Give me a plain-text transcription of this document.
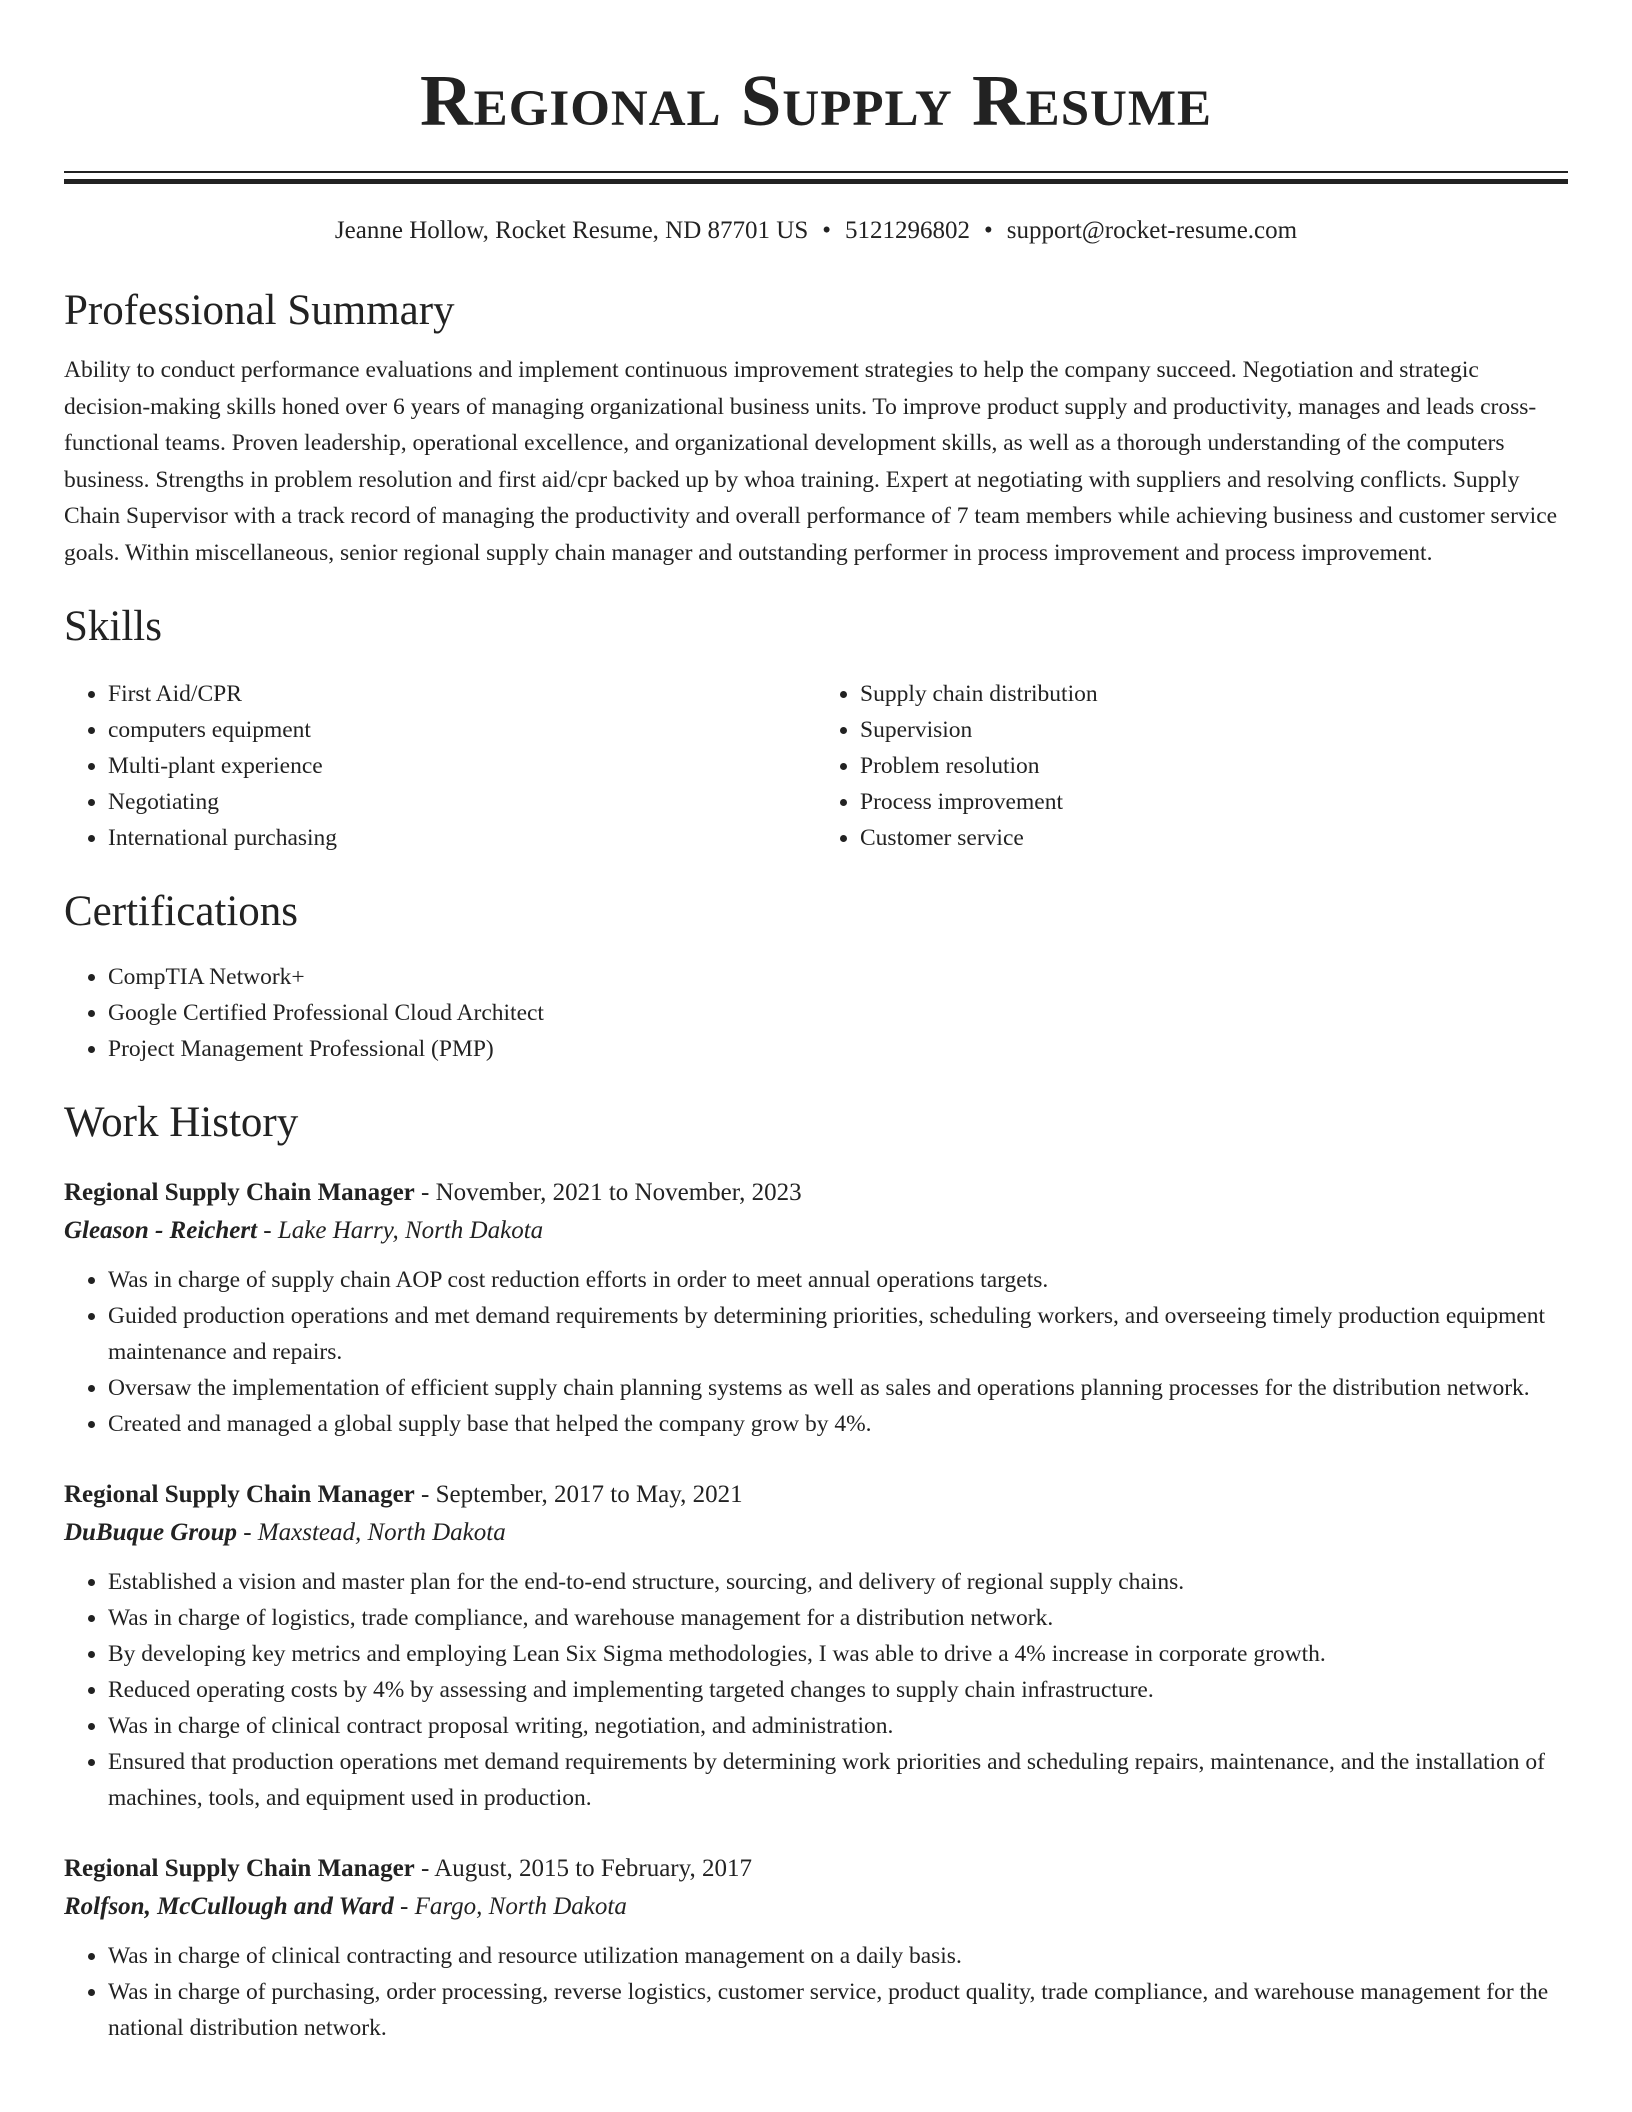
Regional Supply Resume
Jeanne Hollow, Rocket Resume, ND 87701 US • 5121296802 • support@rocket-resume.com
Professional Summary

Ability to conduct performance evaluations and implement continuous improvement strategies to help the company succeed. Negotiation and strategic decision-making skills honed over 6 years of managing organizational business units. To improve product supply and productivity, manages and leads cross-functional teams. Proven leadership, operational excellence, and organizational development skills, as well as a thorough understanding of the computers business. Strengths in problem resolution and first aid/cpr backed up by whoa training. Expert at negotiating with suppliers and resolving conflicts. Supply Chain Supervisor with a track record of managing the productivity and overall performance of 7 team members while achieving business and customer service goals. Within miscellaneous, senior regional supply chain manager and outstanding performer in process improvement and process improvement.

Skills
• First Aid/CPR
• computers equipment
• Multi-plant experience
• Negotiating
• International purchasing
• Supply chain distribution
• Supervision
• Problem resolution
• Process improvement
• Customer service
Certifications
• CompTIA Network+
• Google Certified Professional Cloud Architect
• Project Management Professional (PMP)
Work History
Regional Supply Chain Manager - November, 2021 to November, 2023
Gleason - Reichert - Lake Harry, North Dakota
• Was in charge of supply chain AOP cost reduction efforts in order to meet annual operations targets.
• Guided production operations and met demand requirements by determining priorities, scheduling workers, and overseeing timely production equipment maintenance and repairs.
• Oversaw the implementation of efficient supply chain planning systems as well as sales and operations planning processes for the distribution network.
• Created and managed a global supply base that helped the company grow by 4%.
Regional Supply Chain Manager - September, 2017 to May, 2021
DuBuque Group - Maxstead, North Dakota
• Established a vision and master plan for the end-to-end structure, sourcing, and delivery of regional supply chains.
• Was in charge of logistics, trade compliance, and warehouse management for a distribution network.
• By developing key metrics and employing Lean Six Sigma methodologies, I was able to drive a 4% increase in corporate growth.
• Reduced operating costs by 4% by assessing and implementing targeted changes to supply chain infrastructure.
• Was in charge of clinical contract proposal writing, negotiation, and administration.
• Ensured that production operations met demand requirements by determining work priorities and scheduling repairs, maintenance, and the installation of machines, tools, and equipment used in production.
Regional Supply Chain Manager - August, 2015 to February, 2017
Rolfson, McCullough and Ward - Fargo, North Dakota
• Was in charge of clinical contracting and resource utilization management on a daily basis.
• Was in charge of purchasing, order processing, reverse logistics, customer service, product quality, trade compliance, and warehouse management for the national distribution network.
